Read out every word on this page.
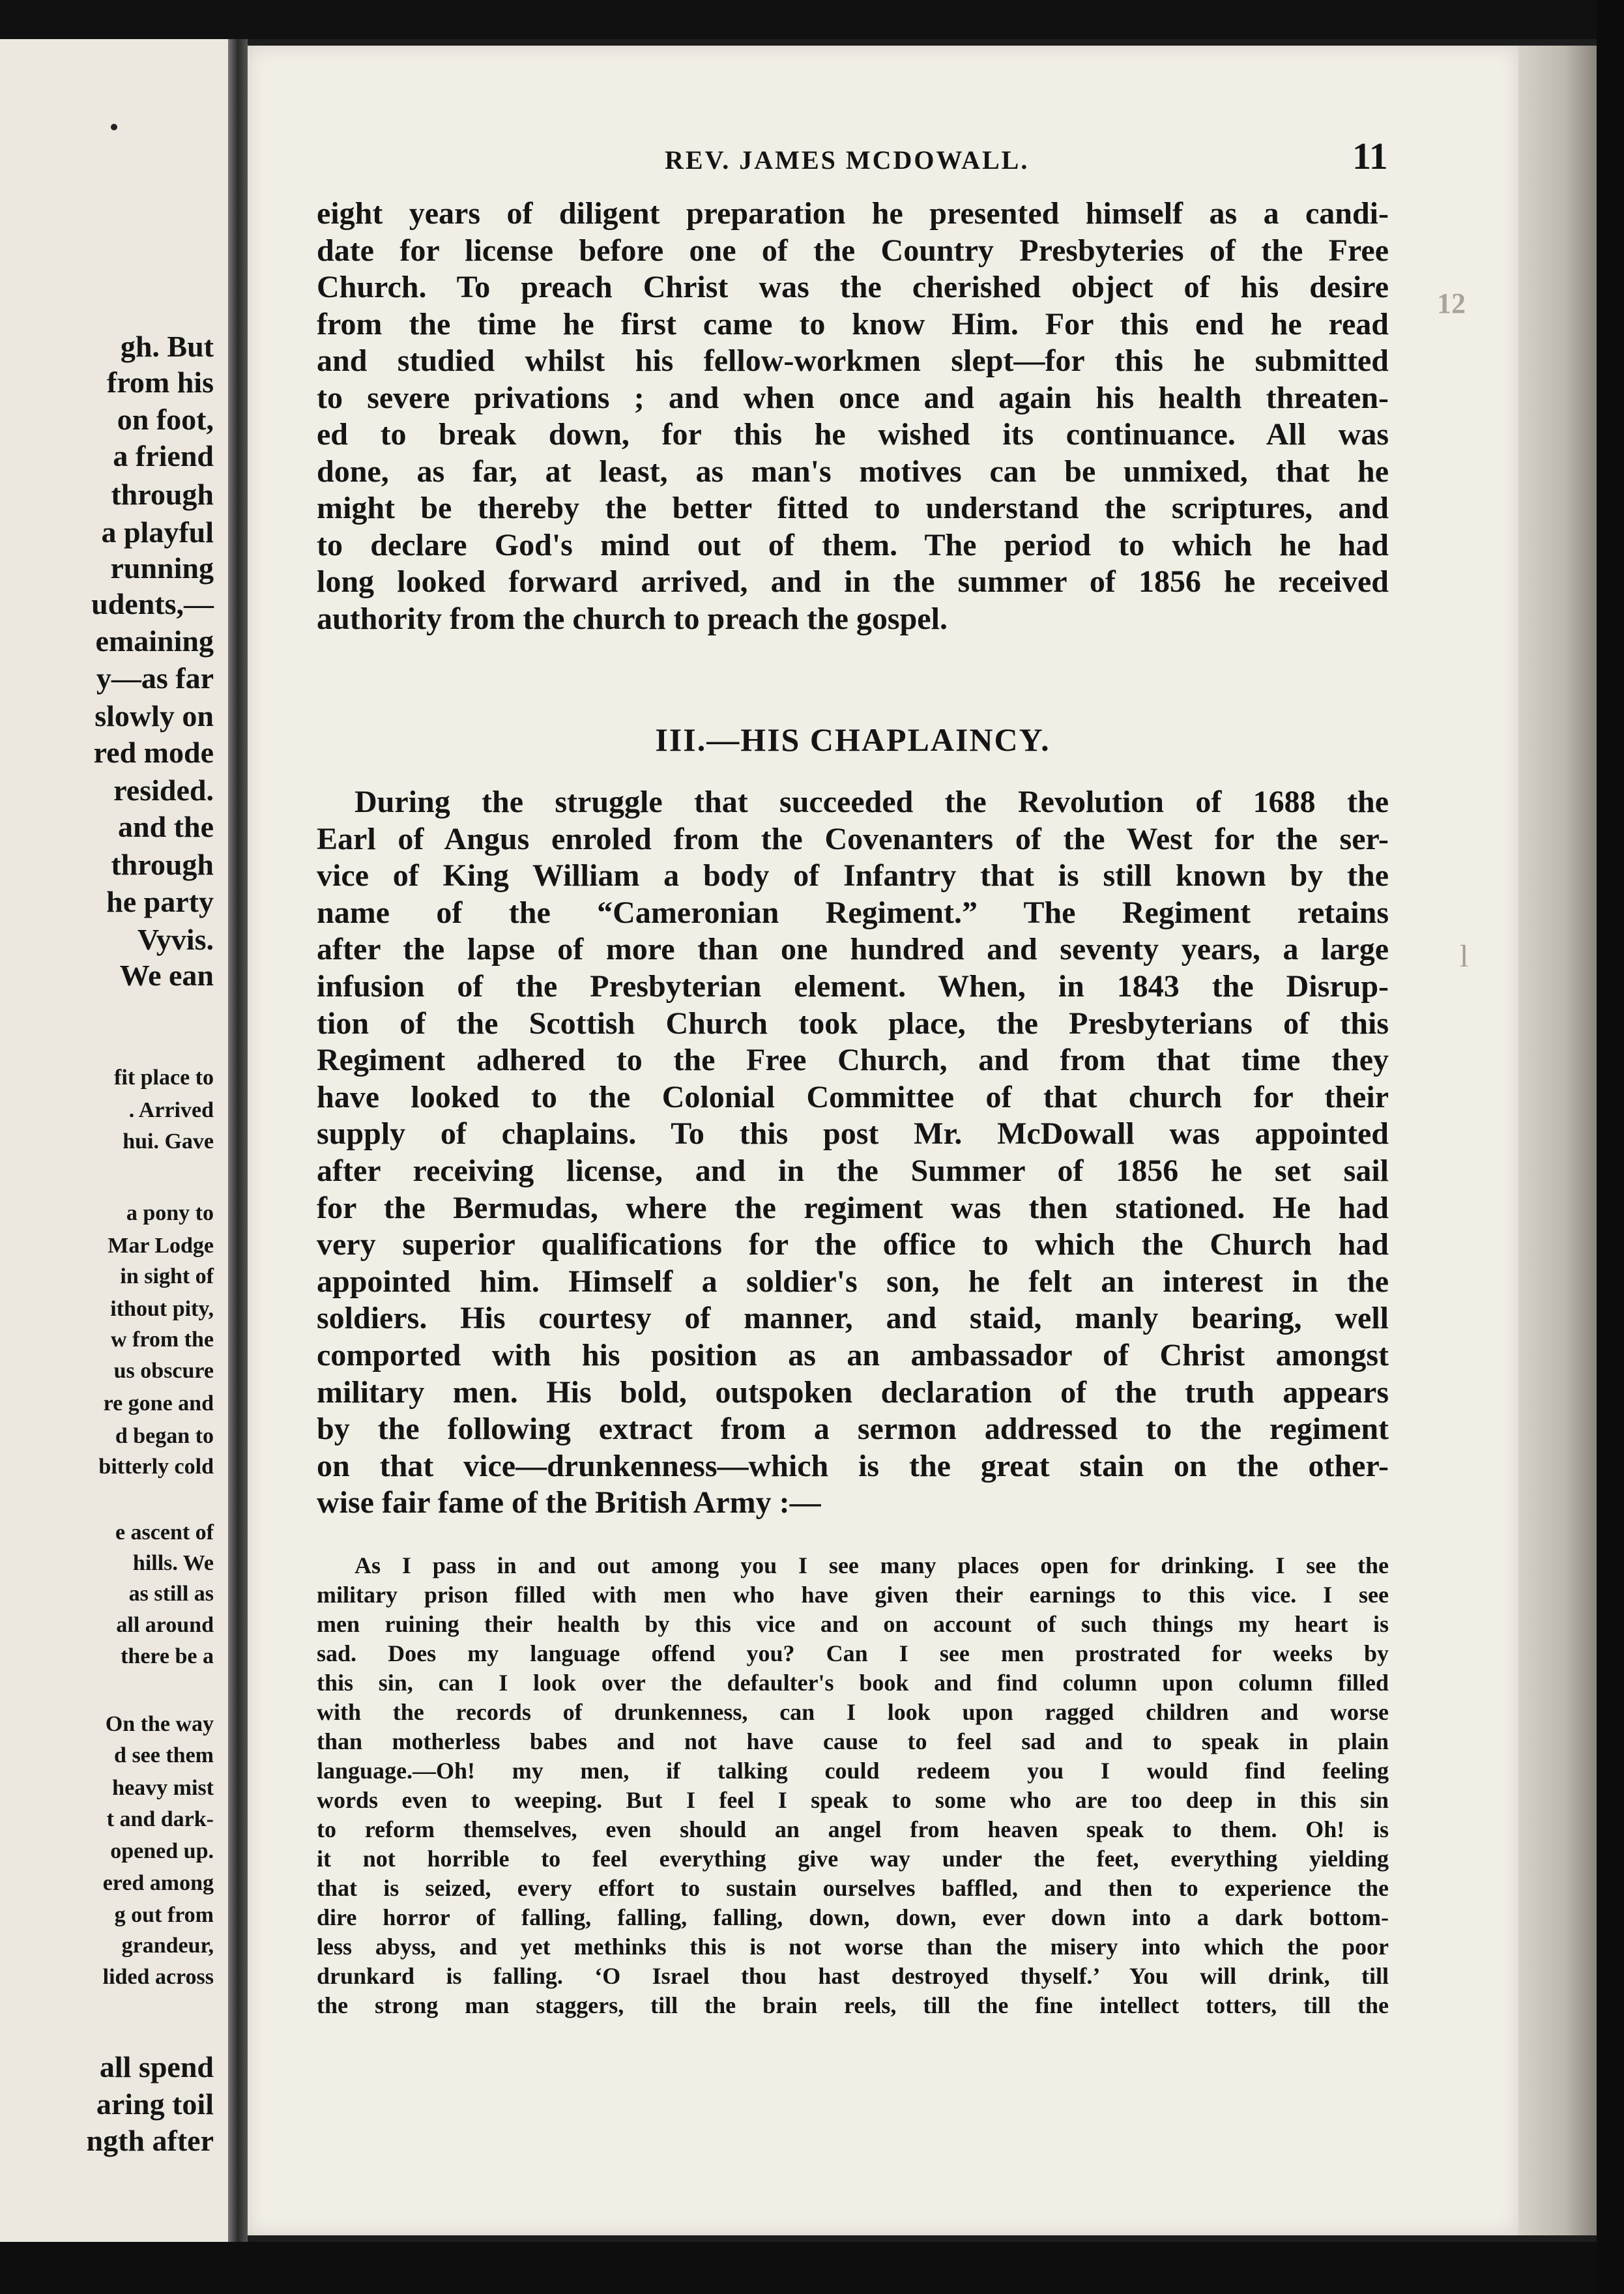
gh. But
from his
on foot,
a friend
through
a playful
running
udents,—
emaining
y—as far
slowly on
red mode
resided.
and the
through
he party
Vyvis.
We ean
fit place to
. Arrived
hui. Gave
a pony to
Mar Lodge
in sight of
ithout pity,
w from the
us obscure
re gone and
d began to
bitterly cold
e ascent of
hills. We
as still as
all around
there be a
On the way
d see them
heavy mist
t and dark-
opened up.
ered among
g out from
grandeur,
lided across
all spend
aring toil
ngth after
12
l
REV. JAMES MCDOWALL.	11
eight years of diligent preparation he presented himself as a candi-
date for license before one of the Country Presbyteries of the Free
Church. To preach Christ was the cherished object of his desire
from the time he first came to know Him. For this end he read
and studied whilst his fellow-workmen slept—for this he submitted
to severe privations ; and when once and again his health threaten-
ed to break down, for this he wished its continuance. All was
done, as far, at least, as man's motives can be unmixed, that he
might be thereby the better fitted to understand the scriptures, and
to declare God's mind out of them. The period to which he had
long looked forward arrived, and in the summer of 1856 he received
authority from the church to preach the gospel.
III.—HIS CHAPLAINCY.
During the struggle that succeeded the Revolution of 1688 the
Earl of Angus enroled from the Covenanters of the West for the ser-
vice of King William a body of Infantry that is still known by the
name of the “Cameronian Regiment.” The Regiment retains
after the lapse of more than one hundred and seventy years, a large
infusion of the Presbyterian element. When, in 1843 the Disrup-
tion of the Scottish Church took place, the Presbyterians of this
Regiment adhered to the Free Church, and from that time they
have looked to the Colonial Committee of that church for their
supply of chaplains. To this post Mr. McDowall was appointed
after receiving license, and in the Summer of 1856 he set sail
for the Bermudas, where the regiment was then stationed. He had
very superior qualifications for the office to which the Church had
appointed him. Himself a soldier's son, he felt an interest in the
soldiers. His courtesy of manner, and staid, manly bearing, well
comported with his position as an ambassador of Christ amongst
military men. His bold, outspoken declaration of the truth appears
by the following extract from a sermon addressed to the regiment
on that vice—drunkenness—which is the great stain on the other-
wise fair fame of the British Army :—
As I pass in and out among you I see many places open for drinking. I see the
military prison filled with men who have given their earnings to this vice. I see
men ruining their health by this vice and on account of such things my heart is
sad. Does my language offend you? Can I see men prostrated for weeks by
this sin, can I look over the defaulter's book and find column upon column filled
with the records of drunkenness, can I look upon ragged children and worse
than motherless babes and not have cause to feel sad and to speak in plain
language.—Oh! my men, if talking could redeem you I would find feeling
words even to weeping. But I feel I speak to some who are too deep in this sin
to reform themselves, even should an angel from heaven speak to them. Oh! is
it not horrible to feel everything give way under the feet, everything yielding
that is seized, every effort to sustain ourselves baffled, and then to experience the
dire horror of falling, falling, falling, down, down, ever down into a dark bottom-
less abyss, and yet methinks this is not worse than the misery into which the poor
drunkard is falling. ‘O Israel thou hast destroyed thyself.’ You will drink, till
the strong man staggers, till the brain reels, till the fine intellect totters, till the
